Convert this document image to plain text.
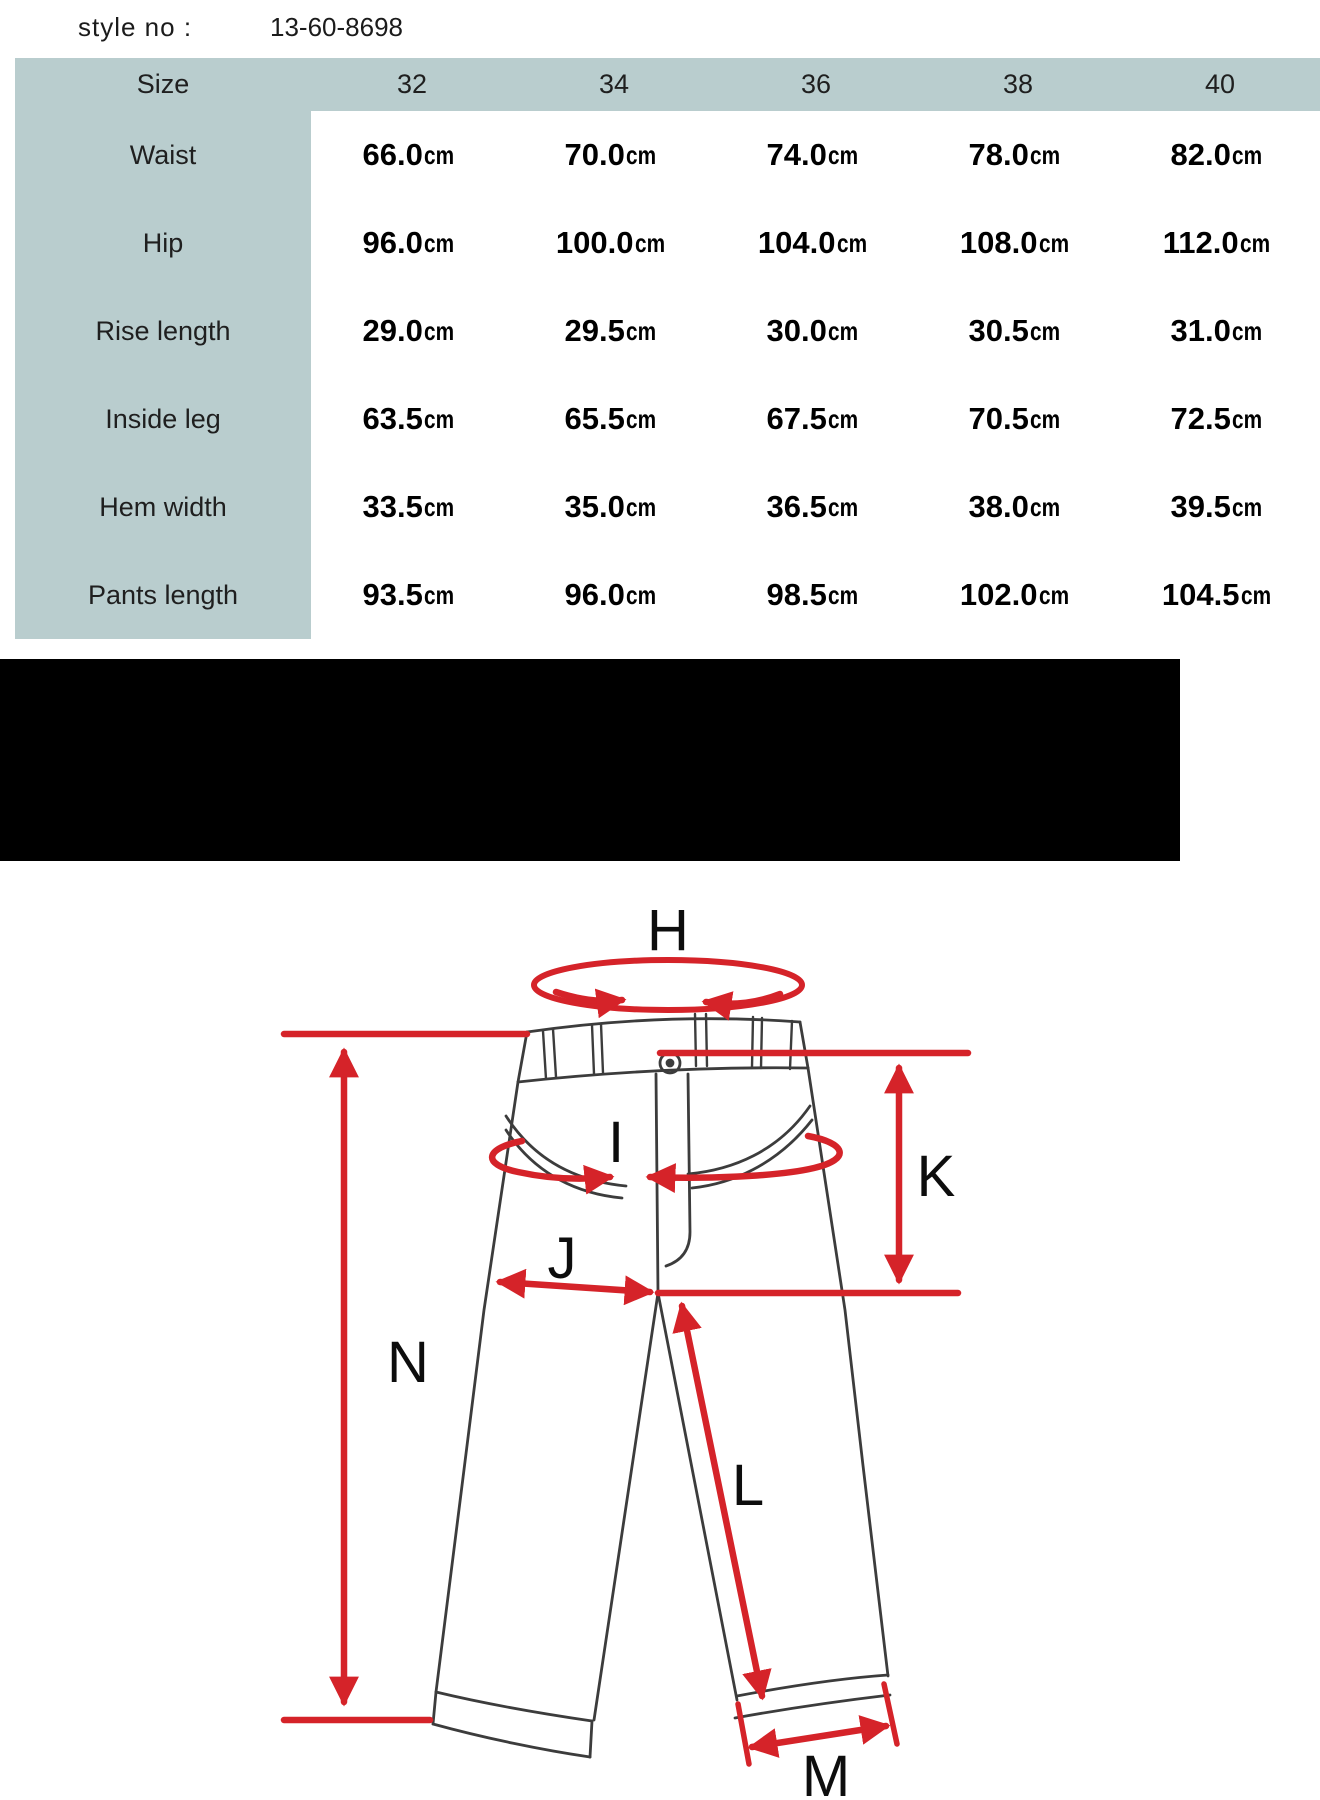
style no :	13-60-8698
Size	32	34	36	38	40
Waist	66.0 cm	70.0 cm	74.0 cm	78.0 cm	82.0 cm
Hip	96.0 cm	100.0 cm	104.0 cm	108.0 cm	112.0 cm
Rise length	29.0 cm	29.5 cm	30.0 cm	30.5 cm	31.0 cm
Inside leg	63.5 cm	65.5 cm	67.5 cm	70.5 cm	72.5 cm
Hem width	33.5 cm	35.0 cm	36.5 cm	38.0 cm	39.5 cm
Pants length	93.5 cm	96.0 cm	98.5 cm	102.0 cm	104.5 cm
H
I
J
K
L
M
N
